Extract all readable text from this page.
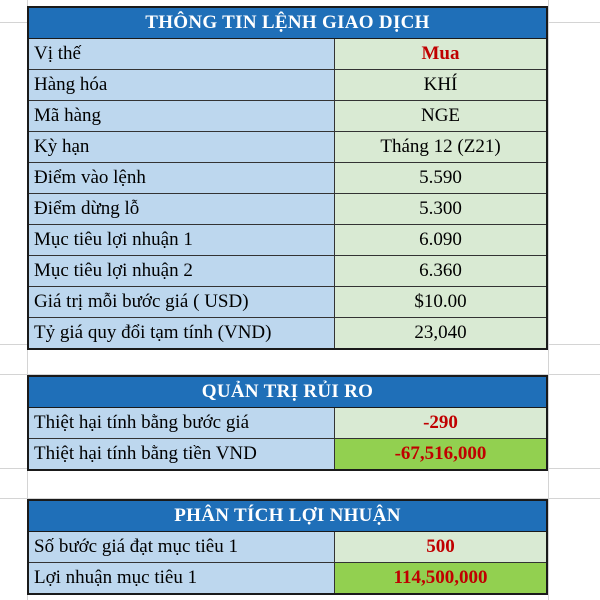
THÔNG TIN LỆNH GIAO DỊCH
Vị thế	Mua
Hàng hóa	KHÍ
Mã hàng	NGE
Kỳ hạn	Tháng 12 (Z21)
Điểm vào lệnh	5.590
Điểm dừng lỗ	5.300
Mục tiêu lợi nhuận 1	6.090
Mục tiêu lợi nhuận 2	6.360
Giá trị mỗi bước giá ( USD)	$10.00
Tỷ giá quy đổi tạm tính (VND)	23,040
QUẢN TRỊ RỦI RO
Thiệt hại tính bằng bước giá	-290
Thiệt hại tính bằng tiền VND	-67,516,000
PHÂN TÍCH LỢI NHUẬN
Số bước giá đạt mục tiêu 1	500
Lợi nhuận mục tiêu 1	114,500,000
